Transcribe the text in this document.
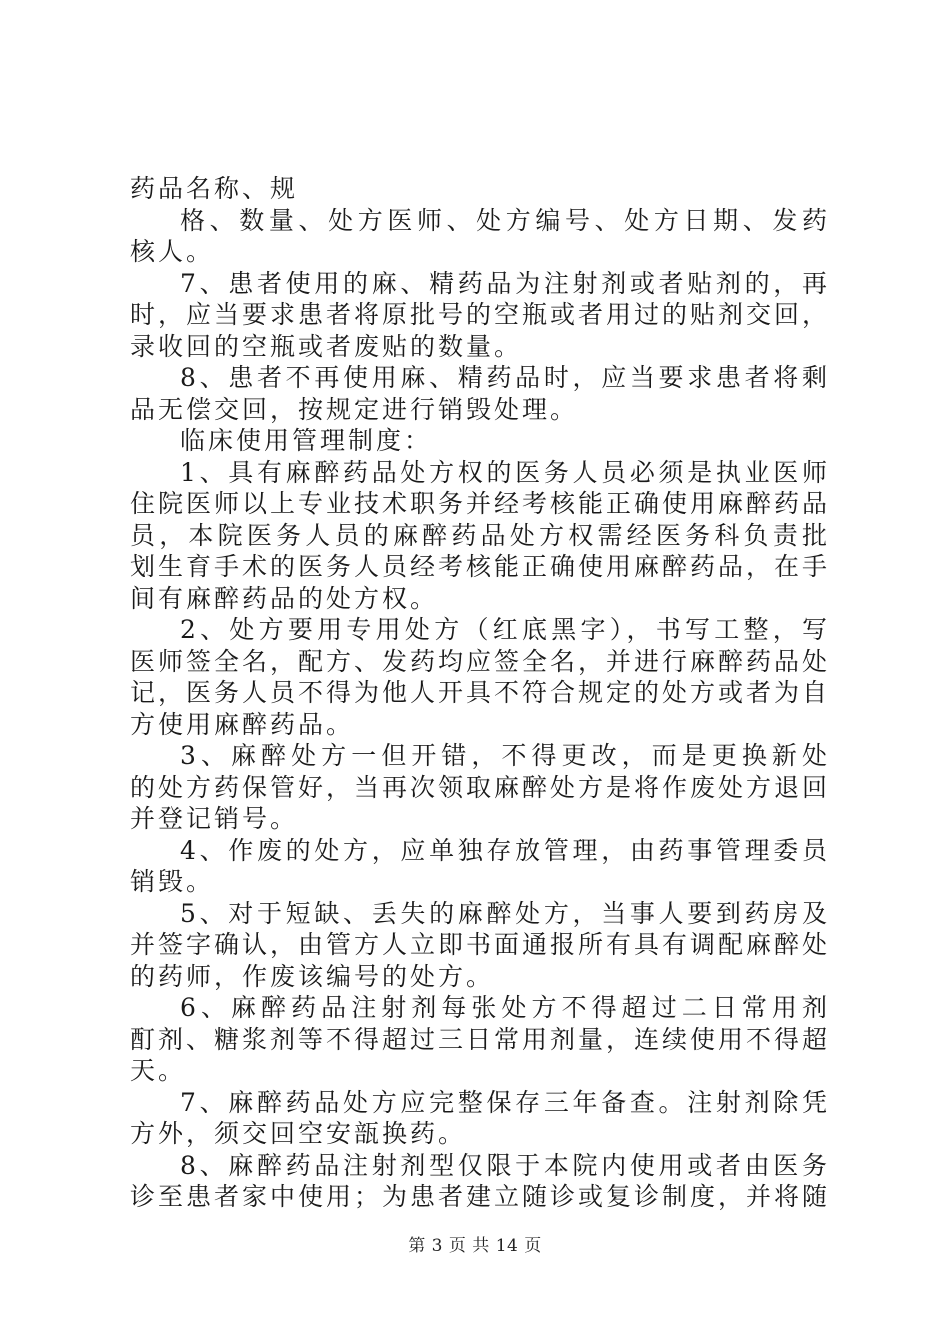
药品名称、规
格、数量、处方医师、处方编号、处方日期、发药
核人。
7、患者使用的麻、精药品为注射剂或者贴剂的，再
时，应当要求患者将原批号的空瓶或者用过的贴剂交回，
录收回的空瓶或者废贴的数量。
8、患者不再使用麻、精药品时，应当要求患者将剩
品无偿交回，按规定进行销毁处理。
临床使用管理制度：
1、具有麻醉药品处方权的医务人员必须是执业医师
住院医师以上专业技术职务并经考核能正确使用麻醉药品
员，本院医务人员的麻醉药品处方权需经医务科负责批
划生育手术的医务人员经考核能正确使用麻醉药品，在手
间有麻醉药品的处方权。
2、处方要用专用处方（红底黑字），书写工整，写
医师签全名，配方、发药均应签全名，并进行麻醉药品处
记，医务人员不得为他人开具不符合规定的处方或者为自
方使用麻醉药品。
3、麻醉处方一但开错，不得更改，而是更换新处
的处方药保管好，当再次领取麻醉处方是将作废处方退回
并登记销号。
4、作废的处方，应单独存放管理，由药事管理委员
销毁。
5、对于短缺、丢失的麻醉处方，当事人要到药房及
并签字确认，由管方人立即书面通报所有具有调配麻醉处
的药师，作废该编号的处方。
6、麻醉药品注射剂每张处方不得超过二日常用剂
酊剂、糖浆剂等不得超过三日常用剂量，连续使用不得超
天。
7、麻醉药品处方应完整保存三年备查。注射剂除凭
方外，须交回空安瓿换药。
8、麻醉药品注射剂型仅限于本院内使用或者由医务
诊至患者家中使用；为患者建立随诊或复诊制度，并将随
第 3 页 共 14 页
